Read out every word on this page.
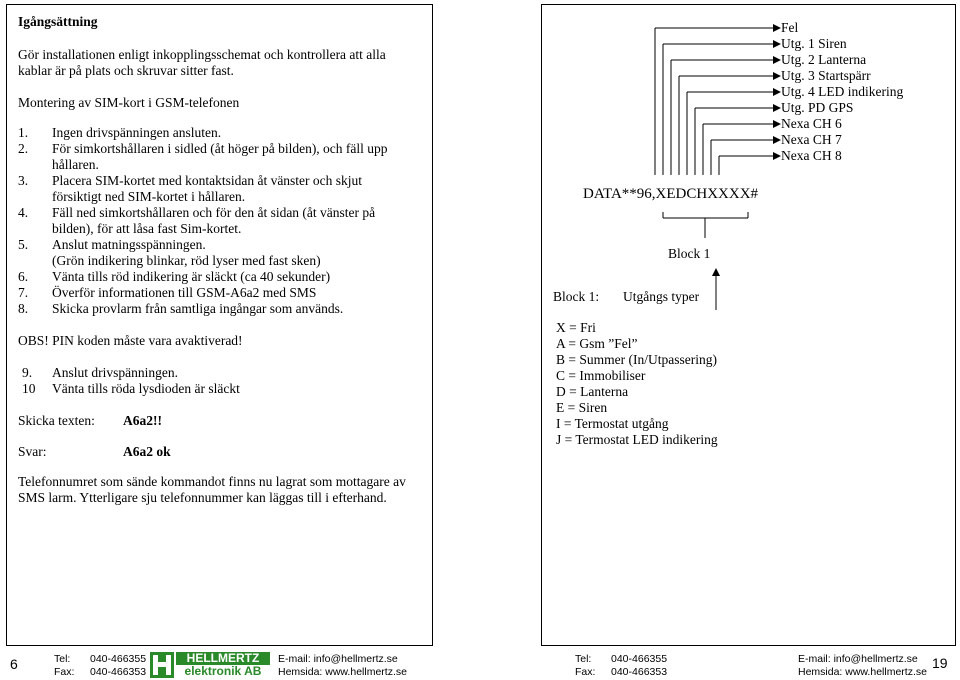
Igångsättning
Gör installationen enligt inkopplingsschemat och kontrollera att alla
kablar är på plats och skruvar sitter fast.
Montering av SIM-kort i GSM-telefonen
1. Ingen drivspänningen ansluten.
2. För simkortshållaren i sidled (åt höger på bilden), och fäll upp
hållaren.
3. Placera SIM-kortet med kontaktsidan åt vänster och skjut
försiktigt ned SIM-kortet i hållaren.
4. Fäll ned simkortshållaren och för den åt sidan (åt vänster på
bilden), för att låsa fast Sim-kortet.
5. Anslut matningsspänningen.
(Grön indikering blinkar, röd lyser med fast sken)
6. Vänta tills röd indikering är släckt (ca 40 sekunder)
7. Överför informationen till GSM-A6a2 med SMS
8. Skicka provlarm från samtliga ingångar som används.
OBS! PIN koden måste vara avaktiverad!
9. Anslut drivspänningen.
10 Vänta tills röda lysdioden är släckt
Skicka texten: A6a2!!
Svar:	A6a2 ok
Telefonnumret som sände kommandot finns nu lagrat som mottagare av
SMS larm. Ytterligare sju telefonnummer kan läggas till i efterhand.
Fel
Utg. 1 Siren
Utg. 2 Lanterna
Utg. 3 Startspärr
Utg. 4 LED indikering
Utg. PD GPS
Nexa CH 6
Nexa CH 7
Nexa CH 8
DATA**96,XEDCHXXXX#
Block 1
Block 1: Utgångs typer
X = Fri
A = Gsm ”Fel”
B = Summer (In/Utpassering)
C = Immobiliser
D = Lanterna
E = Siren
I = Termostat utgång
J = Termostat LED indikering
6	Tel: 040-466355
Fax: 040-466353
HELLMERTZ
elektronik AB
E-mail: info@hellmertz.se
Hemsida: www.hellmertz.se
Tel: 040-466355
Fax: 040-466353
E-mail: info@hellmertz.se
Hemsida: www.hellmertz.se
19
